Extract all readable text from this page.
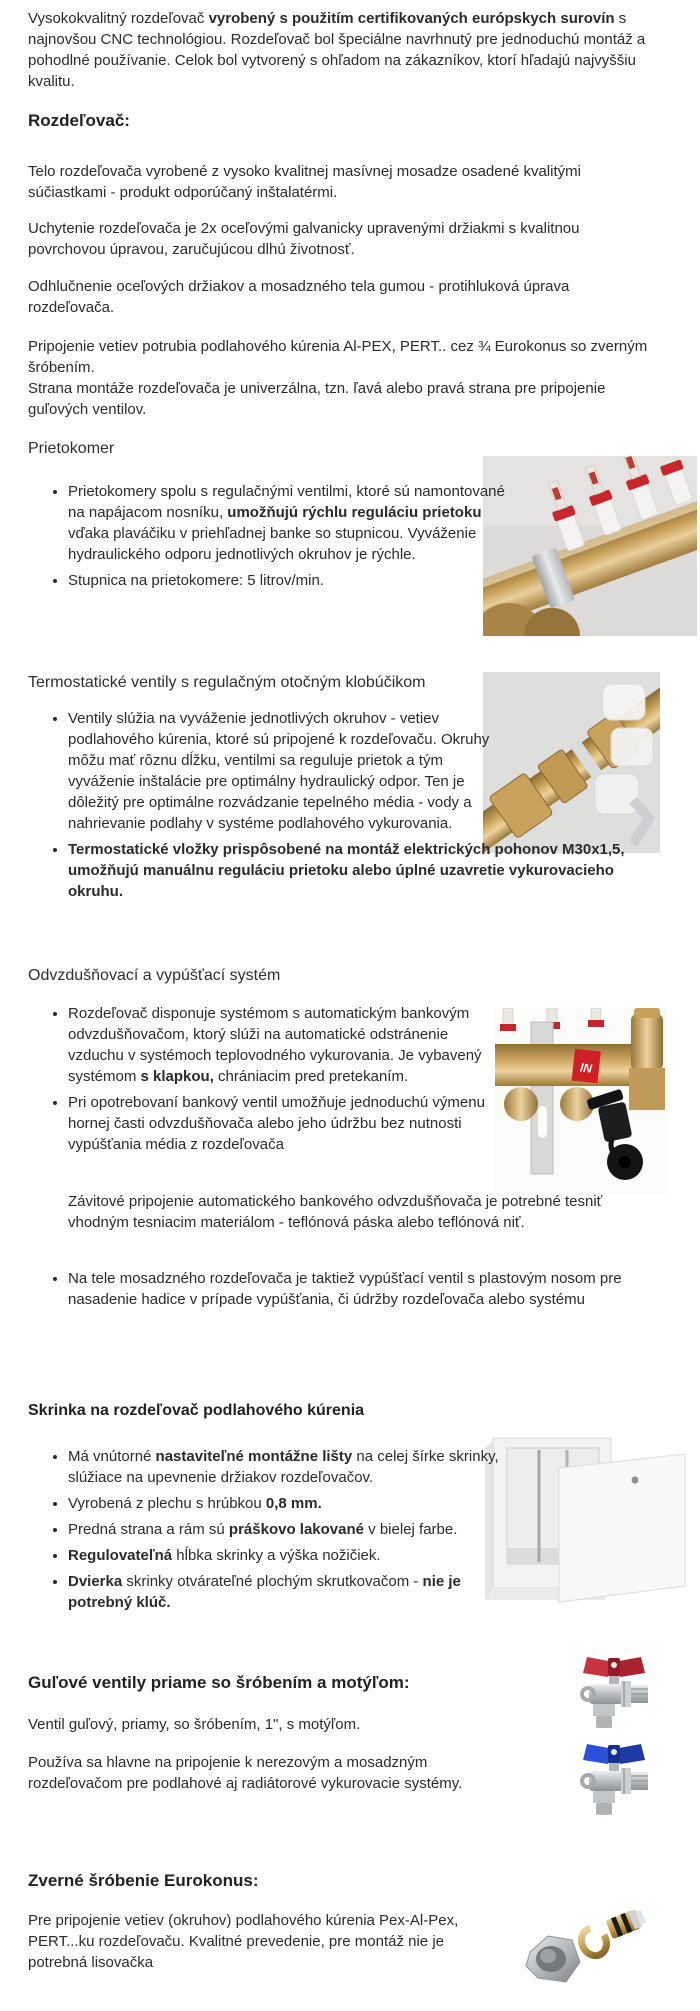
Vysokokvalitný rozdeľovač vyrobený s použitím certifikovaných európskych surovín s najnovšou CNC technológiou. Rozdeľovač bol špeciálne navrhnutý pre jednoduchú montáž a pohodlné používanie. Celok bol vytvorený s ohľadom na zákazníkov, ktorí hľadajú najvyššiu kvalitu.

Rozdeľovač:

Telo rozdeľovača vyrobené z vysoko kvalitnej masívnej mosadze osadené kvalitými súčiastkami - produkt odporúčaný inštalatérmi.

Uchytenie rozdeľovača je 2x oceľovými galvanicky upravenými držiakmi s kvalitnou povrchovou úpravou, zaručujúcou dlhú životnosť.

Odhlučnenie oceľových držiakov a mosadzného tela gumou - protihluková úprava rozdeľovača.

Pripojenie vetiev potrubia podlahového kúrenia Al-PEX, PERT.. cez ¾ Eurokonus so zverným šróbením.
Strana montáže rozdeľovača je univerzálna, tzn. ľavá alebo pravá strana pre pripojenie guľových ventilov.

Prietokomer
• Prietokomery spolu s regulačnými ventilmi, ktoré sú namontované na napájacom nosníku, umožňujú rýchlu reguláciu prietoku vďaka plaváčiku v priehľadnej banke so stupnicou. Vyváženie hydraulického odporu jednotlivých okruhov je rýchle.
• Stupnica na prietokomere: 5 litrov/min.
Termostatické ventily s regulačným otočným klobúčikom
• Ventily slúžia na vyváženie jednotlivých okruhov - vetiev podlahového kúrenia, ktoré sú pripojené k rozdeľovaču. Okruhy môžu mať rôznu dĺžku, ventilmi sa reguluje prietok a tým vyváženie inštalácie pre optimálny hydraulický odpor. Ten je dôležitý pre optimálne rozvádzanie tepelného média - vody a nahrievanie podlahy v systéme podlahového vykurovania.
• Termostatické vložky prispôsobené na montáž elektrických pohonov M30x1,5, umožňujú manuálnu reguláciu prietoku alebo úplné uzavretie vykurovacieho okruhu.
Odvzdušňovací a vypúšťací systém
IN
• Rozdeľovač disponuje systémom s automatickým bankovým odvzdušňovačom, ktorý slúži na automatické odstránenie vzduchu v systémoch teplovodného vykurovania. Je vybavený systémom s klapkou, chrániacim pred pretekaním.
• Pri opotrebovaní bankový ventil umožňuje jednoduchú výmenu hornej časti odvzdušňovača alebo jeho údržbu bez nutnosti vypúšťania média z rozdeľovača

Závitové pripojenie automatického bankového odvzdušňovača je potrebné tesniť vhodným tesniacim materiálom - teflónová páska alebo teflónová niť.

• Na tele mosadzného rozdeľovača je taktiež vypúšťací ventil s plastovým nosom pre nasadenie hadice v prípade vypúšťania, či údržby rozdeľovača alebo systému
Skrinka na rozdeľovač podlahového kúrenia
• Má vnútorné nastaviteľné montážne lišty na celej šírke skrinky, slúžiace na upevnenie držiakov rozdeľovačov.
• Vyrobená z plechu s hrúbkou 0,8 mm.
• Predná strana a rám sú práškovo lakované v bielej farbe.
• Regulovateľná hĺbka skrinky a výška nožičiek.
• Dvierka skrinky otvárateľné plochým skrutkovačom - nie je potrebný klúč.
Guľové ventily priame so šróbením a motýľom:

Ventil guľový, priamy, so šróbením, 1", s motýľom.

Používa sa hlavne na pripojenie k nerezovým a mosadzným rozdeľovačom pre podlahové aj radiátorové vykurovacie systémy.

Zverné šróbenie Eurokonus:

Pre pripojenie vetiev (okruhov) podlahového kúrenia Pex-Al-Pex, PERT...ku rozdeľovaču. Kvalitné prevedenie, pre montáž nie je potrebná lisovačka
